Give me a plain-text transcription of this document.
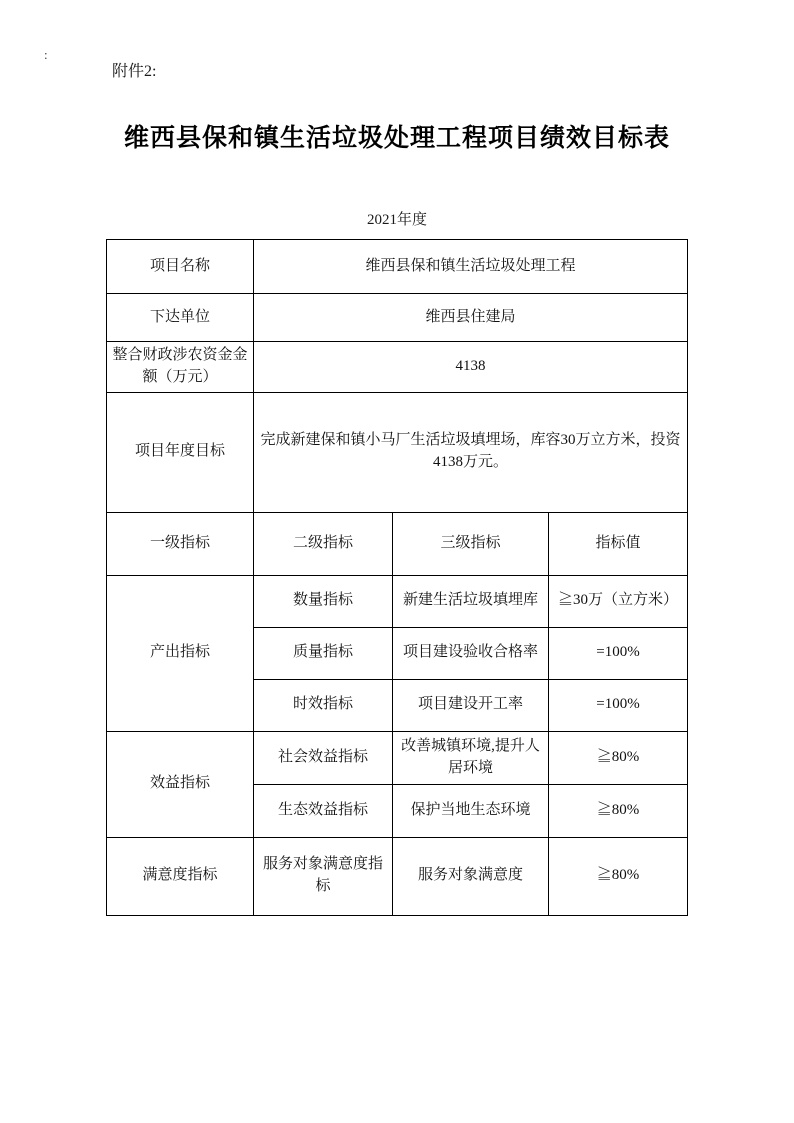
:
附件2:
维西县保和镇生活垃圾处理工程项目绩效目标表
2021年度
项目名称	维西县保和镇生活垃圾处理工程		
下达单位	维西县住建局		
整合财政涉农资金金额（万元）	4138		
项目年度目标	完成新建保和镇小马厂生活垃圾填埋场，库容30万立方米，投资4138万元。		
一级指标	二级指标	三级指标	指标值
产出指标	数量指标	新建生活垃圾填埋库	≧30万（立方米）
	质量指标	项目建设验收合格率	=100%
	时效指标	项目建设开工率	=100%
效益指标	社会效益指标	改善城镇环境,提升人居环境	≧80%
	生态效益指标	保护当地生态环境	≧80%
满意度指标	服务对象满意度指标	服务对象满意度	≧80%
